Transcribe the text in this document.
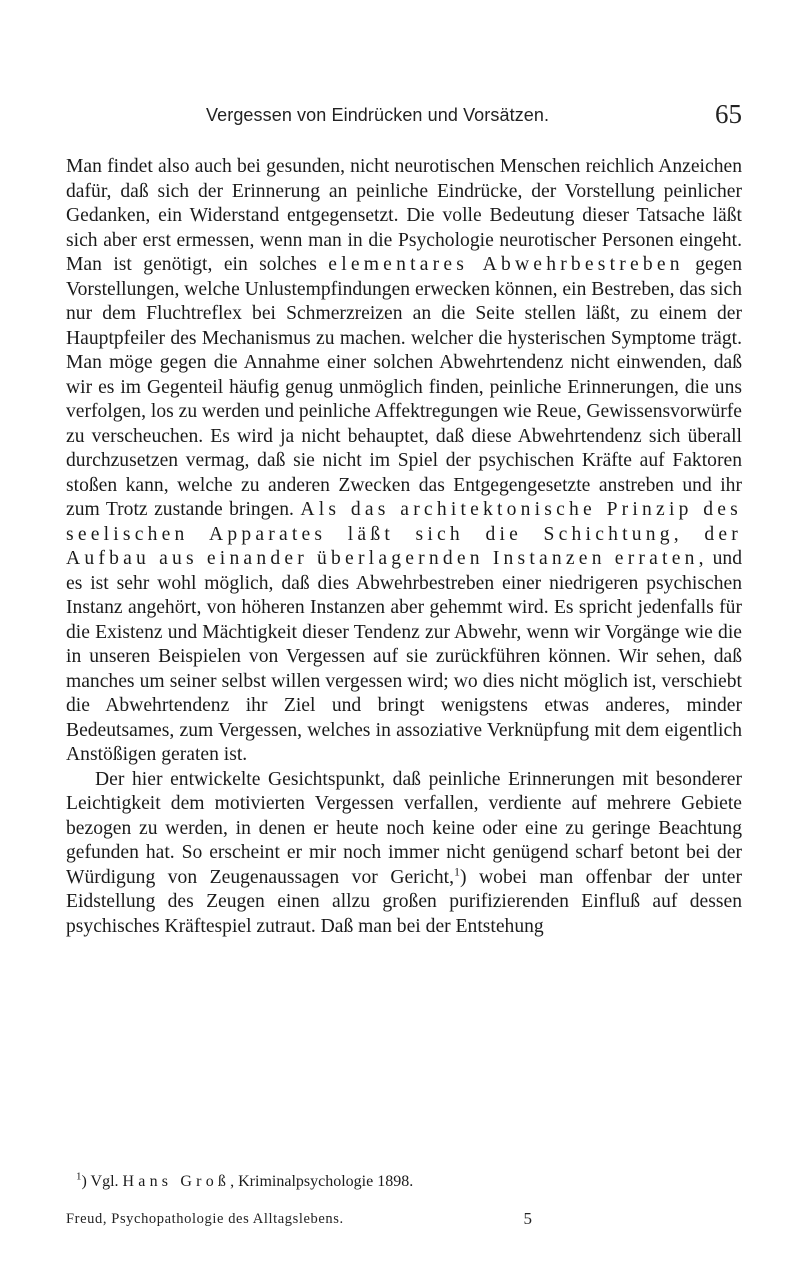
Vergessen von Eindrücken und Vorsätzen.	65

Man findet also auch bei gesunden, nicht neurotischen Menschen reichlich Anzeichen dafür, daß sich der Erinnerung an peinliche Eindrücke, der Vorstellung peinlicher Gedanken, ein Widerstand entgegensetzt. Die volle Bedeutung dieser Tatsache läßt sich aber erst ermessen, wenn man in die Psychologie neurotischer Personen eingeht. Man ist genötigt, ein solches elementares Abwehrbestreben gegen Vorstellungen, welche Unlustempfindungen erwecken können, ein Bestreben, das sich nur dem Fluchtreflex bei Schmerzreizen an die Seite stellen läßt, zu einem der Hauptpfeiler des Mechanismus zu machen. welcher die hysterischen Symptome trägt. Man möge gegen die Annahme einer solchen Abwehrtendenz nicht einwenden, daß wir es im Gegenteil häufig genug unmöglich finden, peinliche Erinnerungen, die uns verfolgen, los zu werden und peinliche Affektregungen wie Reue, Gewissensvorwürfe zu verscheuchen. Es wird ja nicht behauptet, daß diese Abwehrtendenz sich überall durchzusetzen vermag, daß sie nicht im Spiel der psychischen Kräfte auf Faktoren stoßen kann, welche zu anderen Zwecken das Entgegengesetzte anstreben und ihr zum Trotz zustande bringen. Als das architektonische Prinzip des seelischen Apparates läßt sich die Schichtung, der Aufbau aus einander überlagernden Instanzen erraten, und es ist sehr wohl möglich, daß dies Abwehrbestreben einer niedrigeren psychischen Instanz angehört, von höheren Instanzen aber gehemmt wird. Es spricht jedenfalls für die Existenz und Mächtigkeit dieser Tendenz zur Abwehr, wenn wir Vorgänge wie die in unseren Beispielen von Vergessen auf sie zurückführen können. Wir sehen, daß manches um seiner selbst willen vergessen wird; wo dies nicht möglich ist, verschiebt die Abwehrtendenz ihr Ziel und bringt wenigstens etwas anderes, minder Bedeutsames, zum Vergessen, welches in assoziative Verknüpfung mit dem eigentlich Anstößigen geraten ist.

Der hier entwickelte Gesichtspunkt, daß peinliche Erinnerungen mit besonderer Leichtigkeit dem motivierten Vergessen verfallen, verdiente auf mehrere Gebiete bezogen zu werden, in denen er heute noch keine oder eine zu geringe Beachtung gefunden hat. So erscheint er mir noch immer nicht genügend scharf betont bei der Würdigung von Zeugenaussagen vor Gericht,$^1$) wobei man offenbar der unter Eidstellung des Zeugen einen allzu großen purifizierenden Einfluß auf dessen psychisches Kräftespiel zutraut. Daß man bei der Entstehung

$^1$) Vgl. Hans Groß, Kriminalpsychologie 1898.

Freud, Psychopathologie des Alltagslebens.	5
